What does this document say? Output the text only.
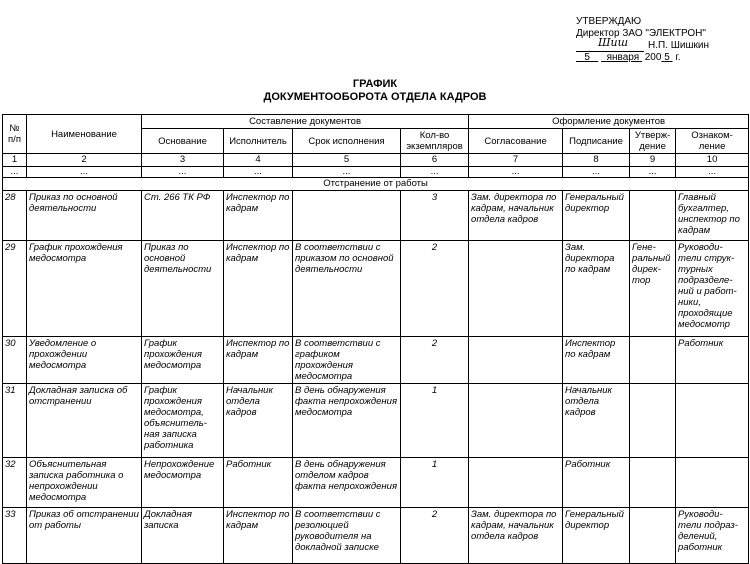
УТВЕРЖДАЮ
Директор ЗАО "ЭЛЕКТРОН"
Шиш Н.П. Шишкин
5 января 200 5 г.
ГРАФИК
ДОКУМЕНТООБОРОТА ОТДЕЛА КАДРОВ
№ п/п	Наименование	Составление документов				Оформление документов			
		Основание	Исполнитель	Срок исполнения	Кол-во экземпляров	Согласование	Подписание	Утверж-дение	Ознаком-ление
1	2	3	4	5	6	7	8	9	10
...	...	...	...	...	...	...	...	...	...
Отстранение от работы									
28	Приказ по основной деятельности	Ст. 266 ТК РФ	Инспектор по кадрам		3	Зам. директора по кадрам, начальник отдела кадров	Генеральный директор		Главный бухгалтер, инспектор по кадрам
29	График прохождения медосмотра	Приказ по основной деятельности	Инспектор по кадрам	В соответствии с приказом по основной деятельности	2		Зам. директора по кадрам	Гене-ральный дирек-тор	Руководи-тели струк-турных подразделе-ний и работ-ники, проходящие медосмотр
30	Уведомление о прохождении медосмотра	График прохождения медосмотра	Инспектор по кадрам	В соответствии с графиком прохождения медосмотра	2		Инспектор по кадрам		Работник
31	Докладная записка об отстранении	График прохождения медосмотра, объяснитель-ная записка работника	Начальник отдела кадров	В день обнаружения факта непрохождения медосмотра	1		Начальник отдела кадров		
32	Объяснительная записка работника о непрохождении медосмотра	Непрохождение медосмотра	Работник	В день обнаружения отделом кадров факта непрохождения	1		Работник		
33	Приказ об отстранении от работы	Докладная записка	Инспектор по кадрам	В соответствии с резолюцией руководителя на докладной записке	2	Зам. директора по кадрам, начальник отдела кадров	Генеральный директор		Руководи-тели подраз-делений, работник
